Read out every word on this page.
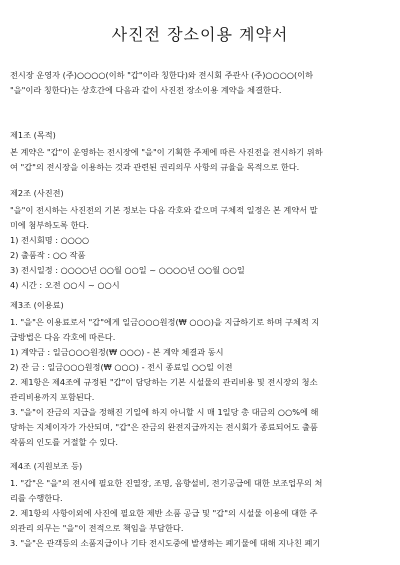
사진전 장소이용 계약서
전시장 운영자 (주)○○○○(이하 "갑"이라 칭한다)와 전시회 주관사 (주)○○○○(이하
"을"이라 칭한다)는 상호간에 다음과 같이 사진전 장소이용 계약을 체결한다.
제1조 (목적)
본 계약은 "갑"이 운영하는 전시장에 "을"이 기획한 주제에 따른 사진전을 전시하기 위하
여 "갑"의 전시장을 이용하는 것과 관련된 권리의무 사항의 규율을 목적으로 한다.
제2조 (사진전)
"을"이 전시하는 사진전의 기본 정보는 다음 각호와 같으며 구체적 일정은 본 계약서 말
미에 첨부하도록 한다.
1) 전시회명 : ○○○○
2) 출품작 : ○○ 작품
3) 전시일정 : ○○○○년 ○○월 ○○일 ~ ○○○○년 ○○월 ○○일
4) 시간 : 오전 ○○시 ~ ○○시
제3조 (이용료)
1. "을"은 이용료로서 "갑"에게 일금○○○원정(₩ ○○○)을 지급하기로 하며 구체적 지
급방법은 다음 각호에 따른다.
1) 계약금 : 일금○○○원정(₩ ○○○) - 본 계약 체결과 동시
2) 잔 금 : 일금○○○원정(₩ ○○○) - 전시 종료일 ○○일 이전
2. 제1항은 제4조에 규정된 "갑"이 담당하는 기본 시설물의 관리비용 및 전시장의 청소
관리비용까지 포함된다.
3. "을"이 잔금의 지급을 정해진 기일에 하지 아니할 시 매 1일당 총 대금의 ○○%에 해
당하는 지체이자가 가산되며, "갑"은 잔금의 완전지급까지는 전시회가 종료되어도 출품
작품의 인도를 거절할 수 있다.
제4조 (지원보조 등)
1. "갑"은 "을"의 전시에 필요한 진열장, 조명, 음향설비, 전기공급에 대한 보조업무의 처
리를 수행한다.
2. 제1항의 사항이외에 사진에 필요한 제반 소품 공급 및 "갑"의 시설물 이용에 대한 주
의관리 의무는 "을"이 전적으로 책임을 부담한다.
3. "을"은 관객등의 소품지급이나 기타 전시도중에 발생하는 폐기물에 대해 지나친 폐기
